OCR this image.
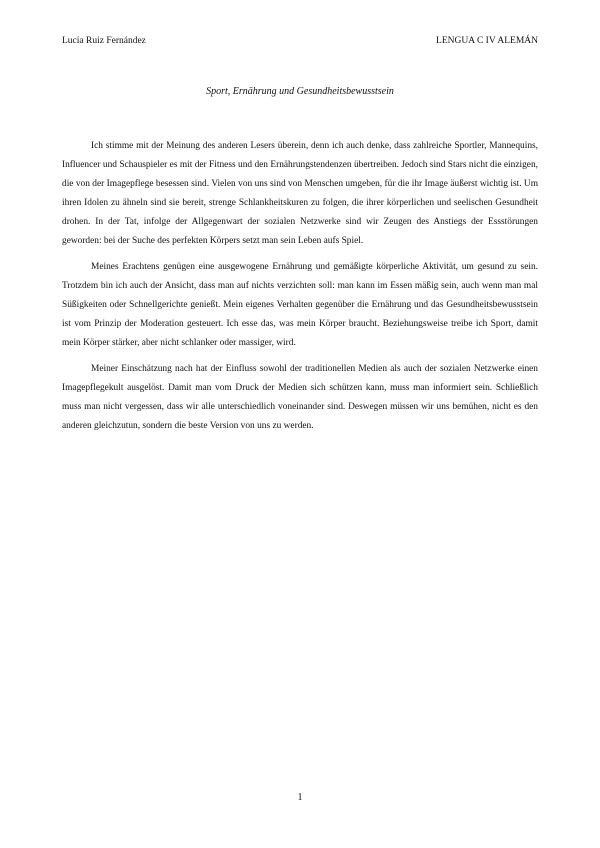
Lucía Ruiz Fernández	LENGUA C IV ALEMÁN
Sport, Ernährung und Gesundheitsbewusstsein

Ich stimme mit der Meinung des anderen Lesers überein, denn ich auch denke, dass zahlreiche Sportler, Mannequins, Influencer und Schauspieler es mit der Fitness und den Ernährungstendenzen übertreiben. Jedoch sind Stars nicht die einzigen, die von der Imagepflege besessen sind. Vielen von uns sind von Menschen umgeben, für die ihr Image äußerst wichtig ist. Um ihren Idolen zu ähneln sind sie bereit, strenge Schlankheitskuren zu folgen, die ihrer körperlichen und seelischen Gesundheit drohen. In der Tat, infolge der Allgegenwart der sozialen Netzwerke sind wir Zeugen des Anstiegs der Essstörungen geworden: bei der Suche des perfekten Körpers setzt man sein Leben aufs Spiel.

Meines Erachtens genügen eine ausgewogene Ernährung und gemäßigte körperliche Aktivität, um gesund zu sein. Trotzdem bin ich auch der Ansicht, dass man auf nichts verzichten soll: man kann im Essen mäßig sein, auch wenn man mal Süßigkeiten oder Schnellgerichte genießt. Mein eigenes Verhalten gegenüber die Ernährung und das Gesundheitsbewusstsein ist vom Prinzip der Moderation gesteuert. Ich esse das, was mein Körper braucht. Beziehungsweise treibe ich Sport, damit mein Körper stärker, aber nicht schlanker oder massiger, wird.

Meiner Einschätzung nach hat der Einfluss sowohl der traditionellen Medien als auch der sozialen Netzwerke einen Imagepflegekult ausgelöst. Damit man vom Druck der Medien sich schützen kann, muss man informiert sein. Schließlich muss man nicht vergessen, dass wir alle unterschiedlich voneinander sind. Deswegen müssen wir uns bemühen, nicht es den anderen gleichzutun, sondern die beste Version von uns zu werden.

1
